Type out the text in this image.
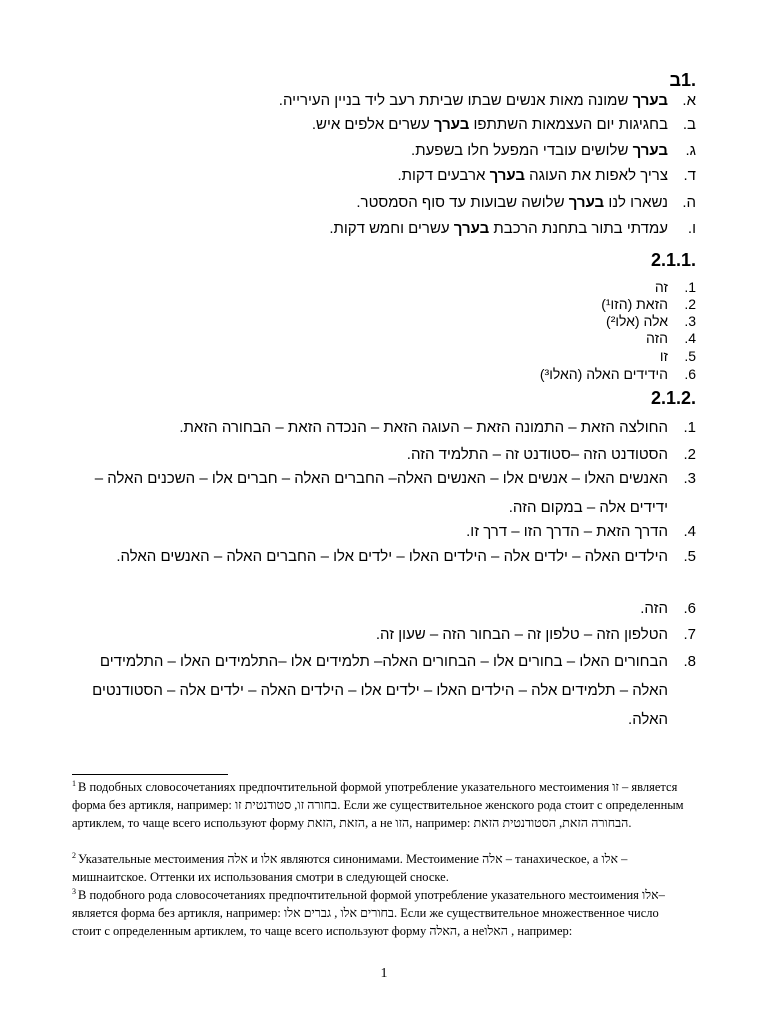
.1ב
א.
בערך שמונה מאות אנשים שבתו שביתת רעב ליד בניין העירייה.
ב.
בחגיגות יום העצמאות השתתפו בערך עשרים אלפים איש.
ג.
בערך שלושים עובדי המפעל חלו בשפעת.
ד.
צריך לאפות את העוגה בערך ארבעים דקות.
ה.
נשארו לנו בערך שלושה שבועות עד סוף הסמסטר.
ו.
עמדתי בתור בתחנת הרכבת בערך עשרים וחמש דקות.
2.1.1.
1.
זה
2.
הזאת (הזו¹)
3.
אלה (אלו²)
4.
הזה
5.
זו
6.
הידידים האלה (האלו³)
2.1.2.
1.
החולצה הזאת – התמונה הזאת – העוגה הזאת – הנכדה הזאת – הבחורה הזאת.
2.
הסטודנט הזה –סטודנט זה – התלמיד הזה.
3.
האנשים האלו – אנשים אלו – האנשים האלה– החברים האלה – חברים אלו – השכנים האלה – ידידים אלה – במקום הזה.
4.
הדרך הזאת – הדרך הזו – דרך זו.
5.
הילדים האלה – ילדים אלה – הילדים האלו – ילדים אלו – החברים האלה – האנשים האלה.
6.
הזה.
7.
הטלפון הזה – טלפון זה – הבחור הזה – שעון זה.
8.
הבחורים האלו – בחורים אלו – הבחורים האלה– תלמידים אלו –התלמידים האלו – התלמידים האלה – תלמידים אלה – הילדים האלו – ילדים אלו – הילדים האלה – ילדים אלה – הסטודנטים האלה.
$^1$ В подобных словосочетаниях предпочтительной формой употребление указательного местоимения זו – является форма без артикля, например: בחורה זו, סטודנטית זו. Если же существительное женского рода стоит с определенным артиклем, то чаще всего используют форму הזאת ,הזאת, а не הזו, например: הבחורה הזאת, הסטודנטית הזאת.
$^2$ Указательные местоимения אלה и אלו являются синонимами. Местоимение אלה – танахическое, а אלו – мишнаитское. Оттенки их использования смотри в следующей сноске.
$^3$ В подобного рода словосочетаниях предпочтительной формой употребление указательного местоимения אלו– является форма без артикля, например: בחורים אלו , גברים אלו. Если же существительное множественное число стоит с определенным артиклем, то чаще всего используют форму האלה, а неהאלו , например:
1
